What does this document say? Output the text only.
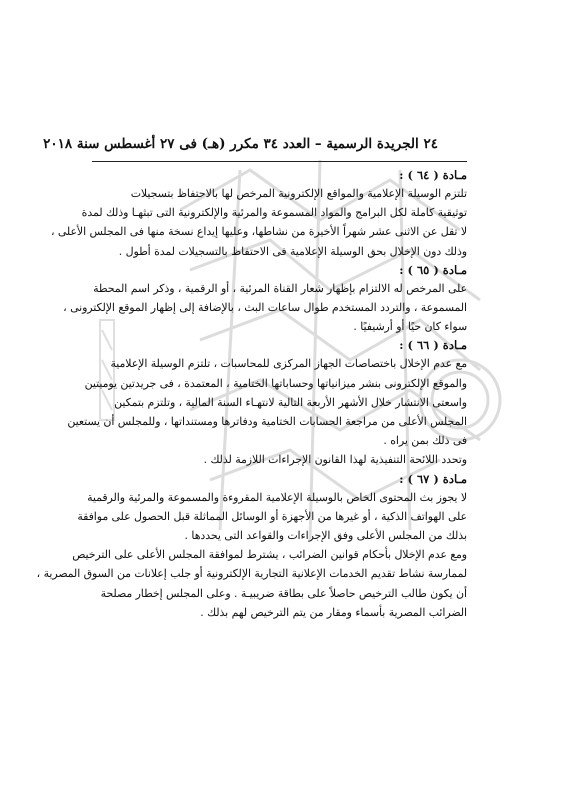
٢٤ الجريدة الرسمية – العدد ٣٤ مكرر (هـ) فى ٢٧ أغسطس سنة ٢٠١٨
مـادة ( ٦٤ ) :

تلتزم الوسيلة الإعلامية والمواقع الإلكترونية المرخص لها بالاحتفاظ بتسجيلات
توثيقية كاملة لكل البرامج والمواد المسموعة والمرئية والإلكترونية التى تبثهـا وذلك لمدة
لا تقل عن الاثنى عشر شهراً الأخيرة من نشاطها، وعليها إيداع نسخة منها فى المجلس الأعلى ،
وذلك دون الإخلال بحق الوسيلة الإعلامية فى الاحتفاظ بالتسجيلات لمدة أطول .

مـادة ( ٦٥ ) :

على المرخص له الالتزام بإظهار شعار القناة المرئية ، أو الرقمية ، وذكر اسم المحطة
المسموعة ، والتردد المستخدم طوال ساعات البث ، بالإضافة إلى إظهار الموقع الإلكترونى ،
سواء كان حيًا أو أرشيفيًا .

مـادة ( ٦٦ ) :

مع عدم الإخلال باختصاصات الجهاز المركزى للمحاسبات ، تلتزم الوسيلة الإعلامية
والموقع الإلكترونى بنشر ميزانياتها وحساباتها الختامية ، المعتمدة ، فى جريدتين يوميتين
واسعتى الانتشار خلال الأشهر الأربعة التالية لانتهـاء السنة المالية ، وتلتزم بتمكين
المجلس الأعلى من مراجعة الحسابات الختامية ودفاترها ومستنداتها ، وللمجلس أن يستعين
فى ذلك بمن يراه .
وتحدد اللائحة التنفيذية لهذا القانون الإجراءات اللازمة لذلك .

مـادة ( ٦٧ ) :

لا يجوز بث المحتوى الخاص بالوسيلة الإعلامية المقروءة والمسموعة والمرئية والرقمية
على الهواتف الذكية ، أو غيرها من الأجهزة أو الوسائل المماثلة قبل الحصول على موافقة
بذلك من المجلس الأعلى وفق الإجراءات والقواعد التى يحددها .
ومع عدم الإخلال بأحكام قوانين الضرائب ، يشترط لموافقة المجلس الأعلى على الترخيص
لممارسة نشاط تقديم الخدمات الإعلانية التجارية الإلكترونية أو جلب إعلانات من السوق المصرية ،
أن يكون طالب الترخيص حاصلاً على بطاقة ضريبيـة . وعلى المجلس إخطار مصلحة
الضرائب المصرية بأسماء ومقار من يتم الترخيص لهم بذلك .
